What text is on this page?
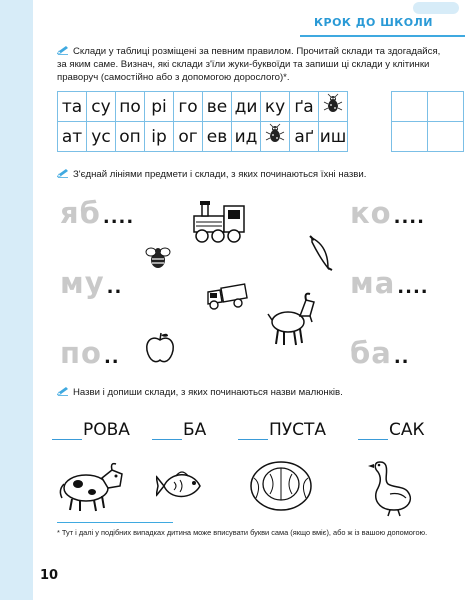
КРОК ДО ШКОЛИ
Склади у таблиці розміщені за певним правилом. Прочитай склади та здогадайся, за яким саме. Визнач, які склади з'їли жуки-буквоїди та запиши ці склади у клітинки праворуч (самостійно або з допомогою дорослого)*.
та	су	по	рі	го	ве	ди	ку	ґа	
ат	ус	оп	ір	ог	ев	ид		аґ	иш

З'єднай лініями предмети і склади, з яких починаються їхні назви.
яб ....
му ..
по ..
ко ....
ма ....
ба ..
Назви і допиши склади, з яких починаються назви малюнків.
РОВА	БА	ПУСТА	САК
* Тут і далі у подібних випадках дитина може вписувати букви сама (якщо вміє), або ж із вашою допомогою.
10
